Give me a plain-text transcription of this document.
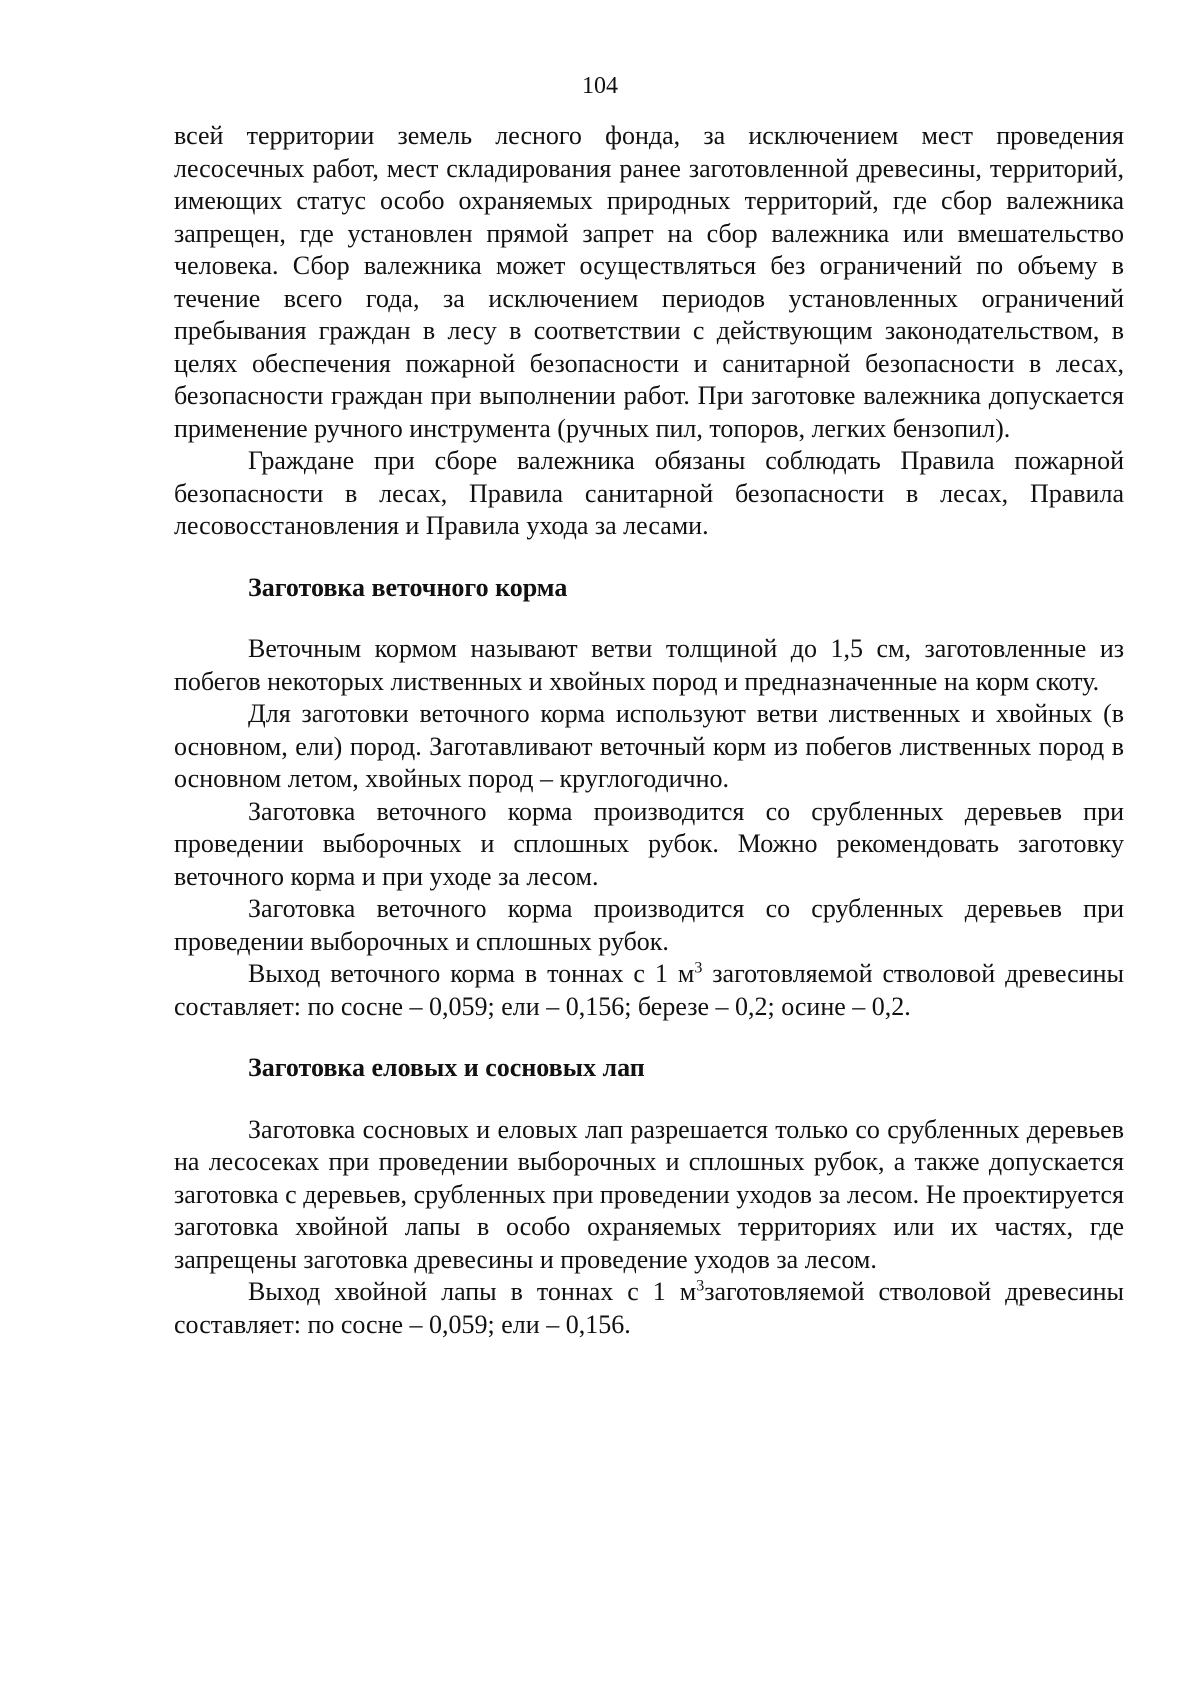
104

всей территории земель лесного фонда, за исключением мест проведения лесосечных работ, мест складирования ранее заготовленной древесины, территорий, имеющих статус особо охраняемых природных территорий, где сбор валежника запрещен, где установлен прямой запрет на сбор валежника или вмешательство человека. Сбор валежника может осуществляться без ограничений по объему в течение всего года, за исключением периодов установленных ограничений пребывания граждан в лесу в соответствии с действующим законодательством, в целях обеспечения пожарной безопасности и санитарной безопасности в лесах, безопасности граждан при выполнении работ. При заготовке валежника допускается применение ручного инструмента (ручных пил, топоров, легких бензопил).

Граждане при сборе валежника обязаны соблюдать Правила пожарной безопасности в лесах, Правила санитарной безопасности в лесах, Правила лесовосстановления и Правила ухода за лесами.

Заготовка веточного корма

Веточным кормом называют ветви толщиной до 1,5 см, заготовленные из побегов некоторых лиственных и хвойных пород и предназначенные на корм скоту.

Для заготовки веточного корма используют ветви лиственных и хвойных (в основном, ели) пород. Заготавливают веточный корм из побегов лиственных пород в основном летом, хвойных пород – круглогодично.

Заготовка веточного корма производится со срубленных деревьев при проведении выборочных и сплошных рубок. Можно рекомендовать заготовку веточного корма и при уходе за лесом.

Заготовка веточного корма производится со срубленных деревьев при проведении выборочных и сплошных рубок.

Выход веточного корма в тоннах с 1 $м^3$ заготовляемой стволовой древесины составляет: по сосне – 0,059; ели – 0,156; березе – 0,2; осине – 0,2.

Заготовка еловых и сосновых лап

Заготовка сосновых и еловых лап разрешается только со срубленных деревьев на лесосеках при проведении выборочных и сплошных рубок, а также допускается заготовка с деревьев, срубленных при проведении уходов за лесом. Не проектируется заготовка хвойной лапы в особо охраняемых территориях или их частях, где запрещены заготовка древесины и проведение уходов за лесом.

Выход хвойной лапы в тоннах с 1 $м^3заготовляемой$ стволовой древесины составляет: по сосне – 0,059; ели – 0,156.
